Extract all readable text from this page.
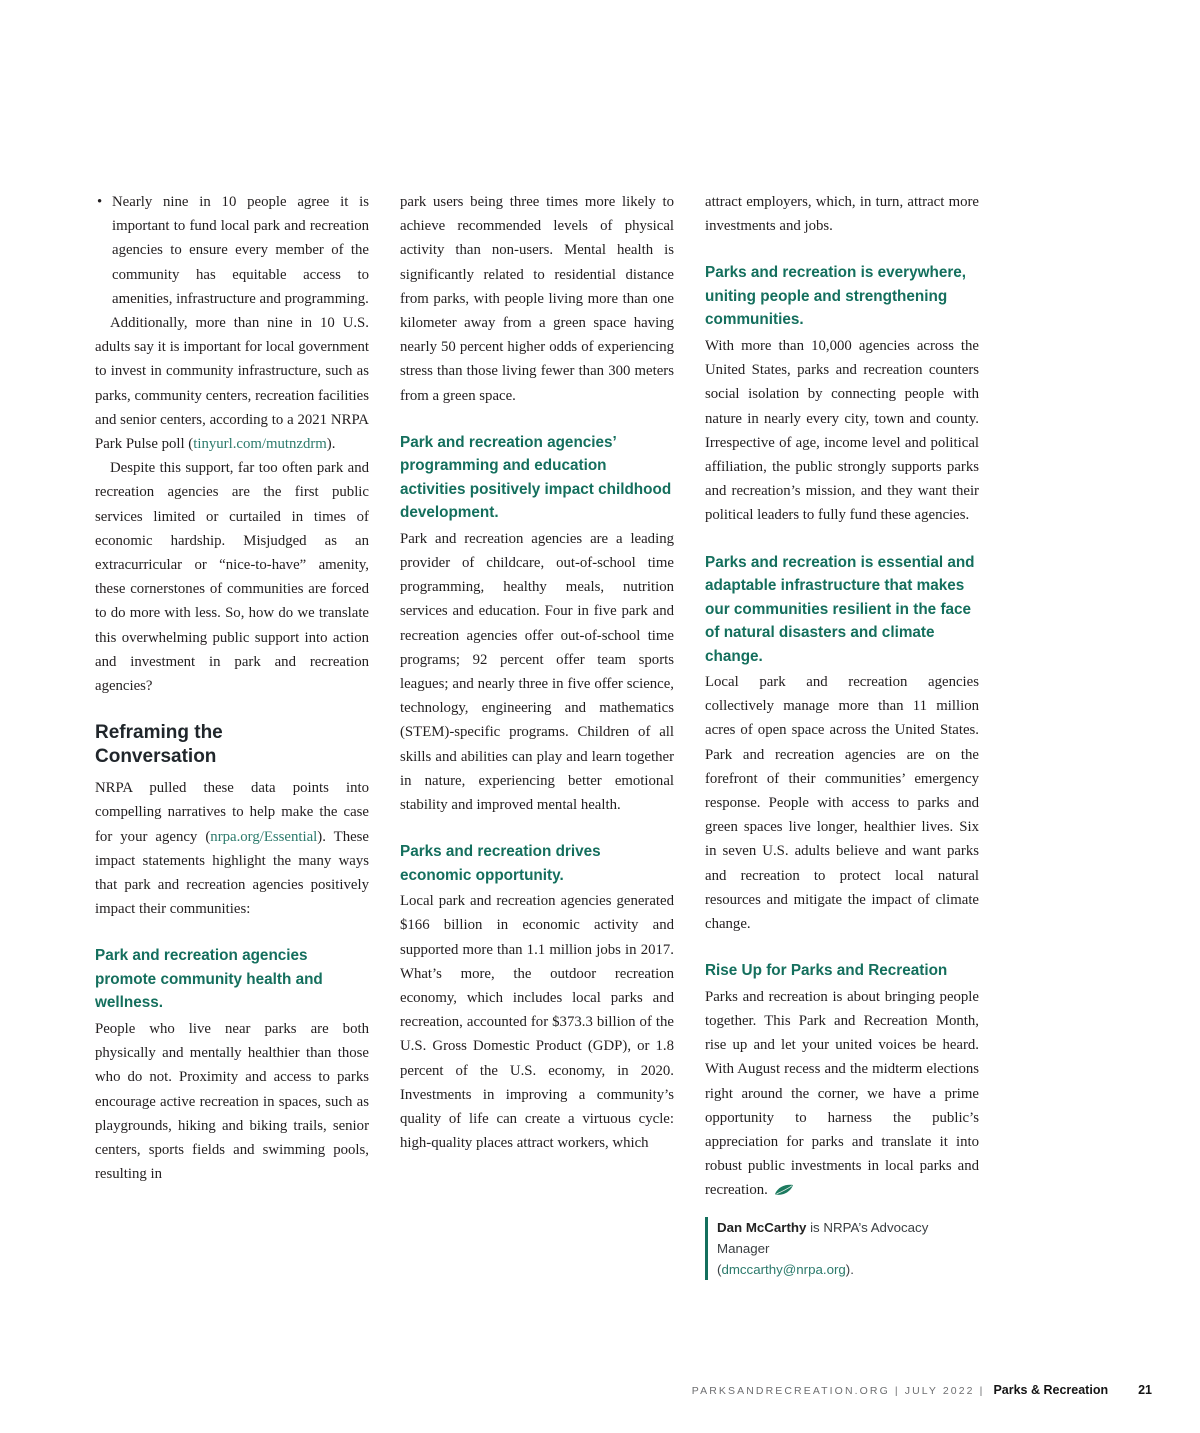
• Nearly nine in 10 people agree it is important to fund local park and recreation agencies to ensure every member of the community has equitable access to amenities, infrastructure and programming.

Additionally, more than nine in 10 U.S. adults say it is important for local government to invest in community infrastructure, such as parks, community centers, recreation facilities and senior centers, according to a 2021 NRPA Park Pulse poll (tinyurl.com/mutnzdrm).

Despite this support, far too often park and recreation agencies are the first public services limited or curtailed in times of economic hardship. Misjudged as an extracurricular or “nice-to-have” amenity, these cornerstones of communities are forced to do more with less. So, how do we translate this overwhelming public support into action and investment in park and recreation agencies?

Reframing the
Conversation

NRPA pulled these data points into compelling narratives to help make the case for your agency (nrpa.org/Essential). These impact statements highlight the many ways that park and recreation agencies positively impact their communities:

Park and recreation agencies promote community health and wellness.

People who live near parks are both physically and mentally healthier than those who do not. Proximity and access to parks encourage active recreation in spaces, such as playgrounds, hiking and biking trails, senior centers, sports fields and swimming pools, resulting in

park users being three times more likely to achieve recommended levels of physical activity than non-users. Mental health is significantly related to residential distance from parks, with people living more than one kilometer away from a green space having nearly 50 percent higher odds of experiencing stress than those living fewer than 300 meters from a green space.

Park and recreation agencies’ programming and education activities positively impact childhood development.

Park and recreation agencies are a leading provider of childcare, out-of-school time programming, healthy meals, nutrition services and education. Four in five park and recreation agencies offer out-of-school time programs; 92 percent offer team sports leagues; and nearly three in five offer science, technology, engineering and mathematics (STEM)-specific programs. Children of all skills and abilities can play and learn together in nature, experiencing better emotional stability and improved mental health.

Parks and recreation drives economic opportunity.

Local park and recreation agencies generated $166 billion in economic activity and supported more than 1.1 million jobs in 2017. What’s more, the outdoor recreation economy, which includes local parks and recreation, accounted for $373.3 billion of the U.S. Gross Domestic Product (GDP), or 1.8 percent of the U.S. economy, in 2020. Investments in improving a community’s quality of life can create a virtuous cycle: high-quality places attract workers, which

attract employers, which, in turn, attract more investments and jobs.

Parks and recreation is everywhere, uniting people and strengthening communities.

With more than 10,000 agencies across the United States, parks and recreation counters social isolation by connecting people with nature in nearly every city, town and county. Irrespective of age, income level and political affiliation, the public strongly supports parks and recreation’s mission, and they want their political leaders to fully fund these agencies.

Parks and recreation is essential and adaptable infrastructure that makes our communities resilient in the face of natural disasters and climate change.

Local park and recreation agencies collectively manage more than 11 million acres of open space across the United States. Park and recreation agencies are on the forefront of their communities’ emergency response. People with access to parks and green spaces live longer, healthier lives. Six in seven U.S. adults believe and want parks and recreation to protect local natural resources and mitigate the impact of climate change.

Rise Up for Parks and Recreation

Parks and recreation is about bringing people together. This Park and Recreation Month, rise up and let your united voices be heard. With August recess and the midterm elections right around the corner, we have a prime opportunity to harness the public’s appreciation for parks and translate it into robust public investments in local parks and recreation.

Dan McCarthy is NRPA’s Advocacy Manager
(dmccarthy@nrpa.org).
PARKSANDRECREATION.ORG | JULY 2022 | Parks & Recreation 21
